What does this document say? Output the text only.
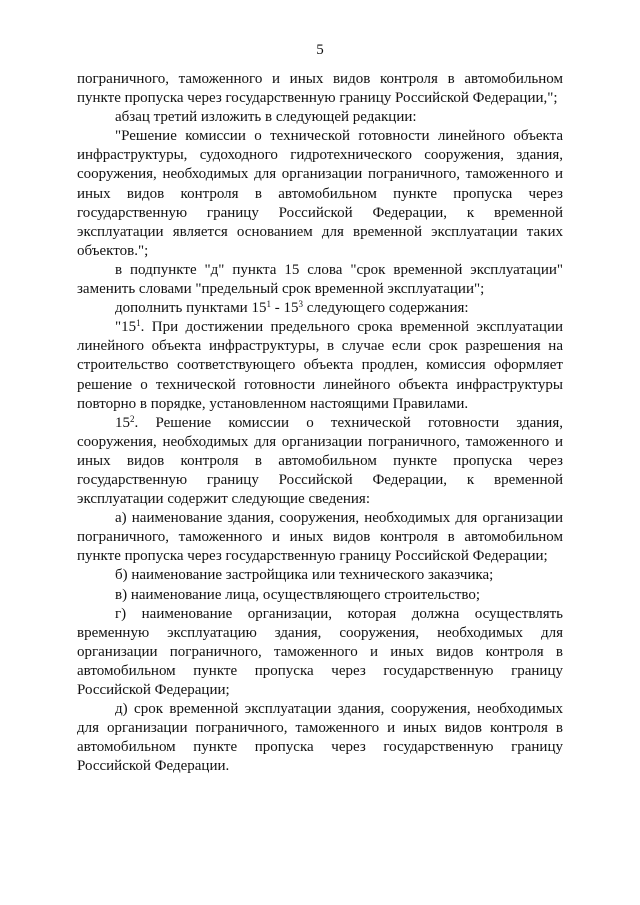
5

пограничного, таможенного и иных видов контроля в автомобильном пункте пропуска через государственную границу Российской Федерации,";

абзац третий изложить в следующей редакции:

"Решение комиссии о технической готовности линейного объекта инфраструктуры, судоходного гидротехнического сооружения, здания, сооружения, необходимых для организации пограничного, таможенного и иных видов контроля в автомобильном пункте пропуска через государственную границу Российской Федерации, к временной эксплуатации является основанием для временной эксплуатации таких объектов.";

в подпункте "д" пункта 15 слова "срок временной эксплуатации" заменить словами "предельный срок временной эксплуатации";

дополнить пунктами $15^1 - 15^3$ следующего содержания:

"$15^1$. При достижении предельного срока временной эксплуатации линейного объекта инфраструктуры, в случае если срок разрешения на строительство соответствующего объекта продлен, комиссия оформляет решение о технической готовности линейного объекта инфраструктуры повторно в порядке, установленном настоящими Правилами.

$15^2$. Решение комиссии о технической готовности здания, сооружения, необходимых для организации пограничного, таможенного и иных видов контроля в автомобильном пункте пропуска через государственную границу Российской Федерации, к временной эксплуатации содержит следующие сведения:

а) наименование здания, сооружения, необходимых для организации пограничного, таможенного и иных видов контроля в автомобильном пункте пропуска через государственную границу Российской Федерации;

б) наименование застройщика или технического заказчика;

в) наименование лица, осуществляющего строительство;

г) наименование организации, которая должна осуществлять временную эксплуатацию здания, сооружения, необходимых для организации пограничного, таможенного и иных видов контроля в автомобильном пункте пропуска через государственную границу Российской Федерации;

д) срок временной эксплуатации здания, сооружения, необходимых для организации пограничного, таможенного и иных видов контроля в автомобильном пункте пропуска через государственную границу Российской Федерации.
